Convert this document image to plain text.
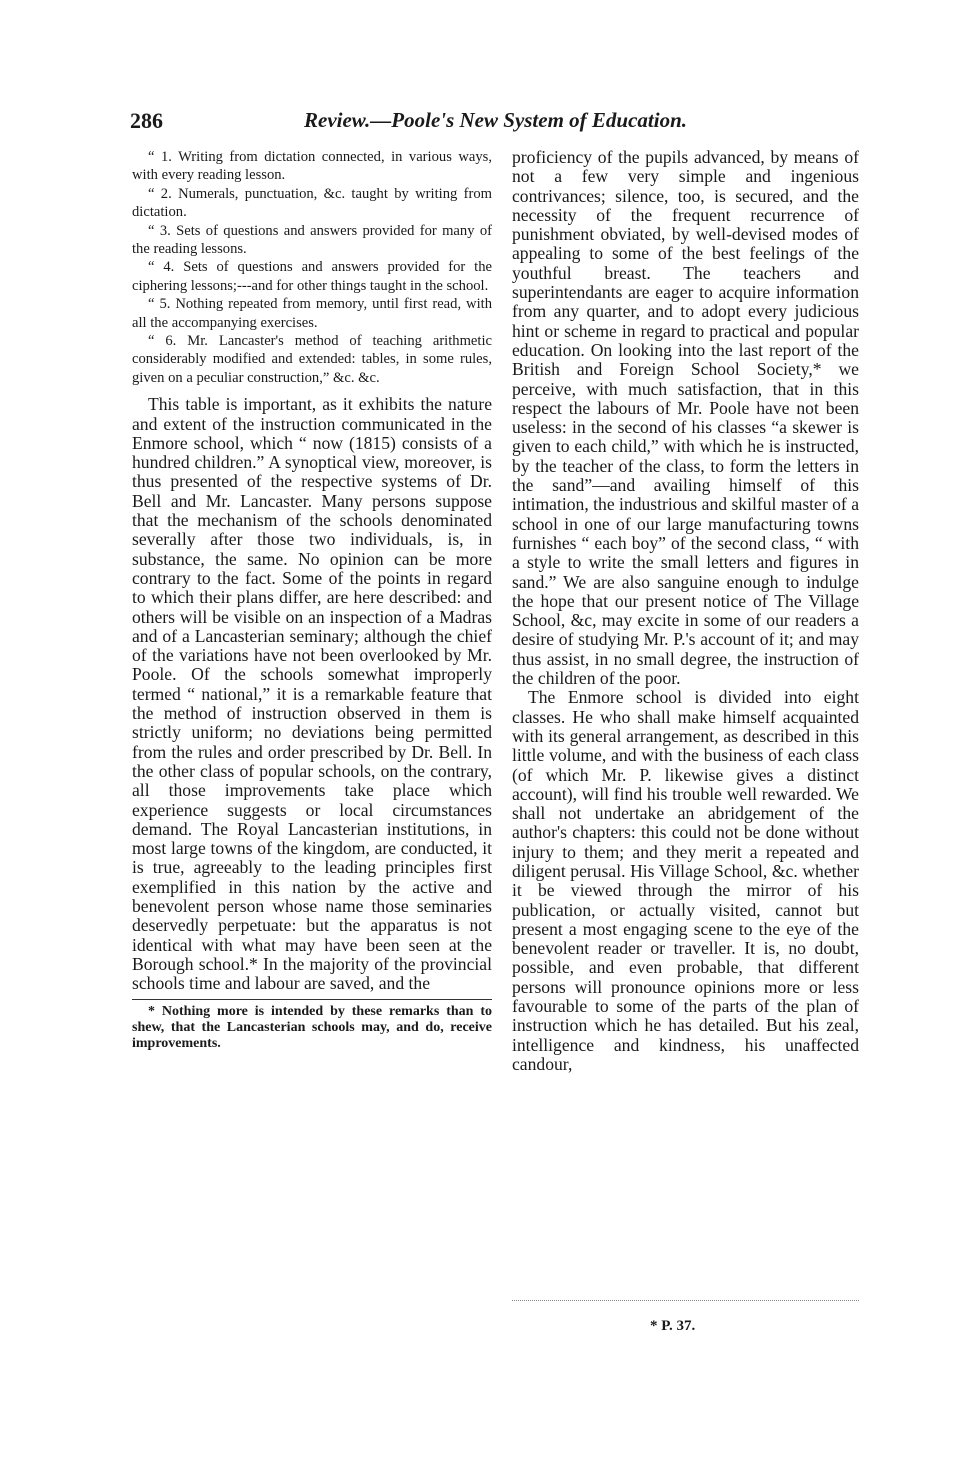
286	Review.—Poole's New System of Education.

“ 1. Writing from dictation connected, in various ways, with every reading lesson.

“ 2. Numerals, punctuation, &c. taught by writing from dictation.

“ 3. Sets of questions and answers provided for many of the reading lessons.

“ 4. Sets of questions and answers provided for the ciphering lessons;---and for other things taught in the school.

“ 5. Nothing repeated from memory, until first read, with all the accompanying exercises.

“ 6. Mr. Lancaster's method of teaching arithmetic considerably modified and extended: tables, in some rules, given on a peculiar construction,” &c. &c.

This table is important, as it exhibits the nature and extent of the instruction communicated in the Enmore school, which “ now (1815) consists of a hundred children.” A synoptical view, moreover, is thus presented of the respective systems of Dr. Bell and Mr. Lancaster. Many persons suppose that the mechanism of the schools denominated severally after those two individuals, is, in substance, the same. No opinion can be more contrary to the fact. Some of the points in regard to which their plans differ, are here described: and others will be visible on an inspection of a Madras and of a Lancasterian seminary; although the chief of the variations have not been overlooked by Mr. Poole. Of the schools somewhat improperly termed “ national,” it is a remarkable feature that the method of instruction observed in them is strictly uniform; no deviations being permitted from the rules and order prescribed by Dr. Bell. In the other class of popular schools, on the contrary, all those improvements take place which experience suggests or local circumstances demand. The Royal Lancasterian institutions, in most large towns of the kingdom, are conducted, it is true, agreeably to the leading principles first exemplified in this nation by the active and benevolent person whose name those seminaries deservedly perpetuate: but the apparatus is not identical with what may have been seen at the Borough school.* In the majority of the provincial schools time and labour are saved, and the

* Nothing more is intended by these remarks than to shew, that the Lancasterian schools may, and do, receive improvements.

proficiency of the pupils advanced, by means of not a few very simple and ingenious contrivances; silence, too, is secured, and the necessity of the frequent recurrence of punishment obviated, by well-devised modes of appealing to some of the best feelings of the youthful breast. The teachers and superintendants are eager to acquire information from any quarter, and to adopt every judicious hint or scheme in regard to practical and popular education. On looking into the last report of the British and Foreign School Society,* we perceive, with much satisfaction, that in this respect the labours of Mr. Poole have not been useless: in the second of his classes “a skewer is given to each child,” with which he is instructed, by the teacher of the class, to form the letters in the sand”—and availing himself of this intimation, the industrious and skilful master of a school in one of our large manufacturing towns furnishes “ each boy” of the second class, “ with a style to write the small letters and figures in sand.” We are also sanguine enough to indulge the hope that our present notice of The Village School, &c, may excite in some of our readers a desire of studying Mr. P.'s account of it; and may thus assist, in no small degree, the instruction of the children of the poor.

The Enmore school is divided into eight classes. He who shall make himself acquainted with its general arrangement, as described in this little volume, and with the business of each class (of which Mr. P. likewise gives a distinct account), will find his trouble well rewarded. We shall not undertake an abridgement of the author's chapters: this could not be done without injury to them; and they merit a repeated and diligent perusal. His Village School, &c. whether it be viewed through the mirror of his publication, or actually visited, cannot but present a most engaging scene to the eye of the benevolent reader or traveller. It is, no doubt, possible, and even probable, that different persons will pronounce opinions more or less favourable to some of the parts of the plan of instruction which he has detailed. But his zeal, intelligence and kindness, his unaffected candour,

* P. 37.
